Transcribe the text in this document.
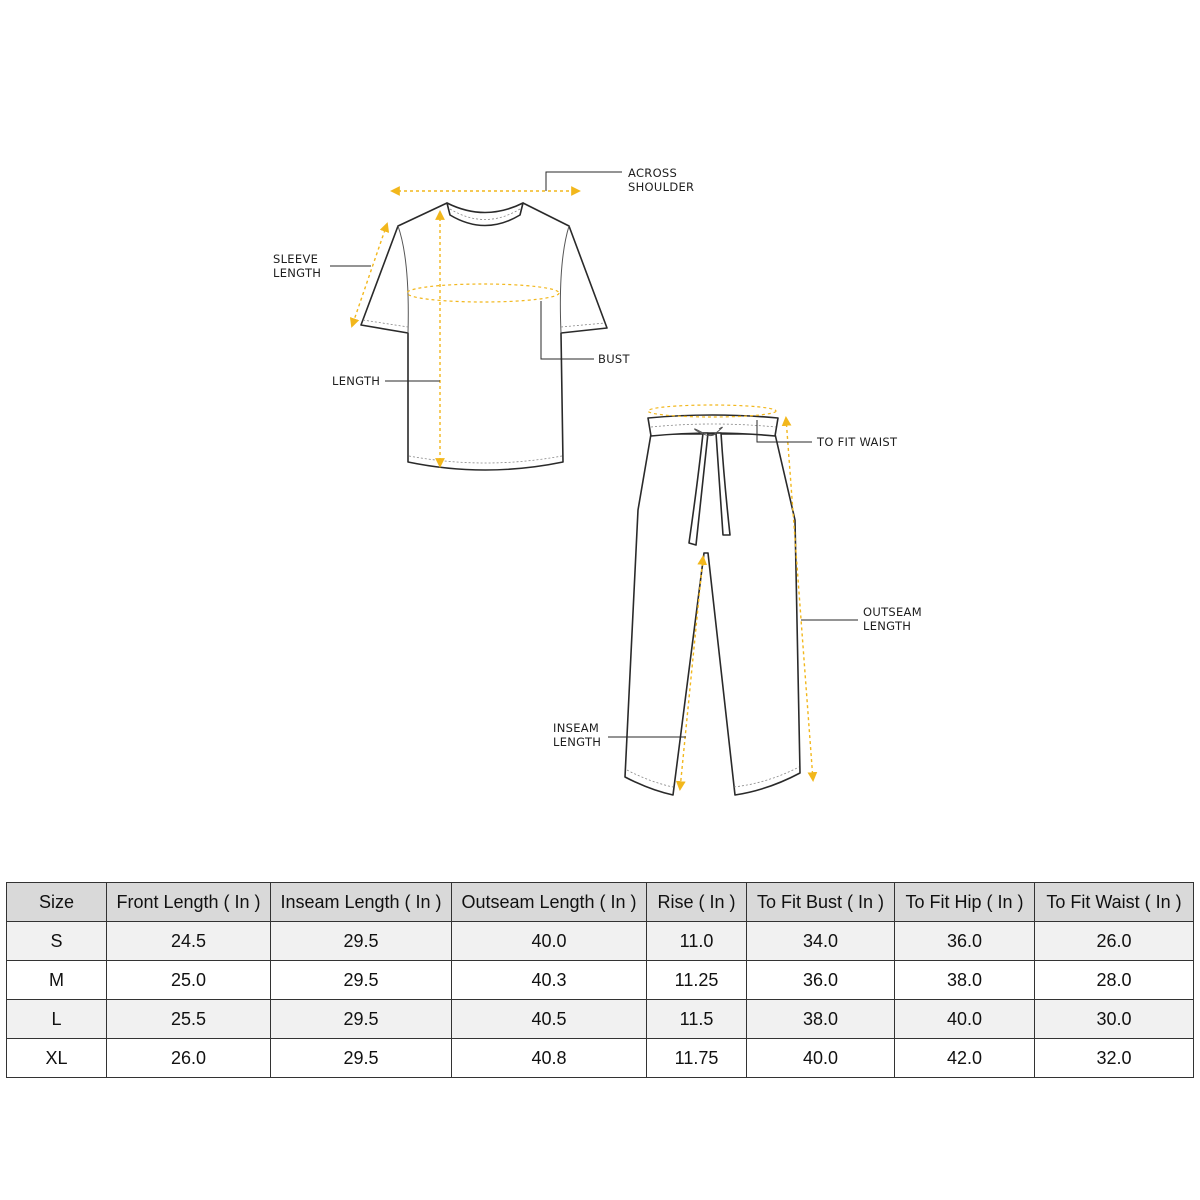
ACROSS SHOULDER
SLEEVE LENGTH
BUST
LENGTH
TO FIT WAIST
OUTSEAM LENGTH
INSEAM LENGTH
Size	Front Length ( In )	Inseam Length ( In )	Outseam Length ( In )	Rise ( In )	To Fit Bust ( In )	To Fit Hip ( In )	To Fit Waist ( In )
S	24.5	29.5	40.0	11.0	34.0	36.0	26.0
M	25.0	29.5	40.3	11.25	36.0	38.0	28.0
L	25.5	29.5	40.5	11.5	38.0	40.0	30.0
XL	26.0	29.5	40.8	11.75	40.0	42.0	32.0
